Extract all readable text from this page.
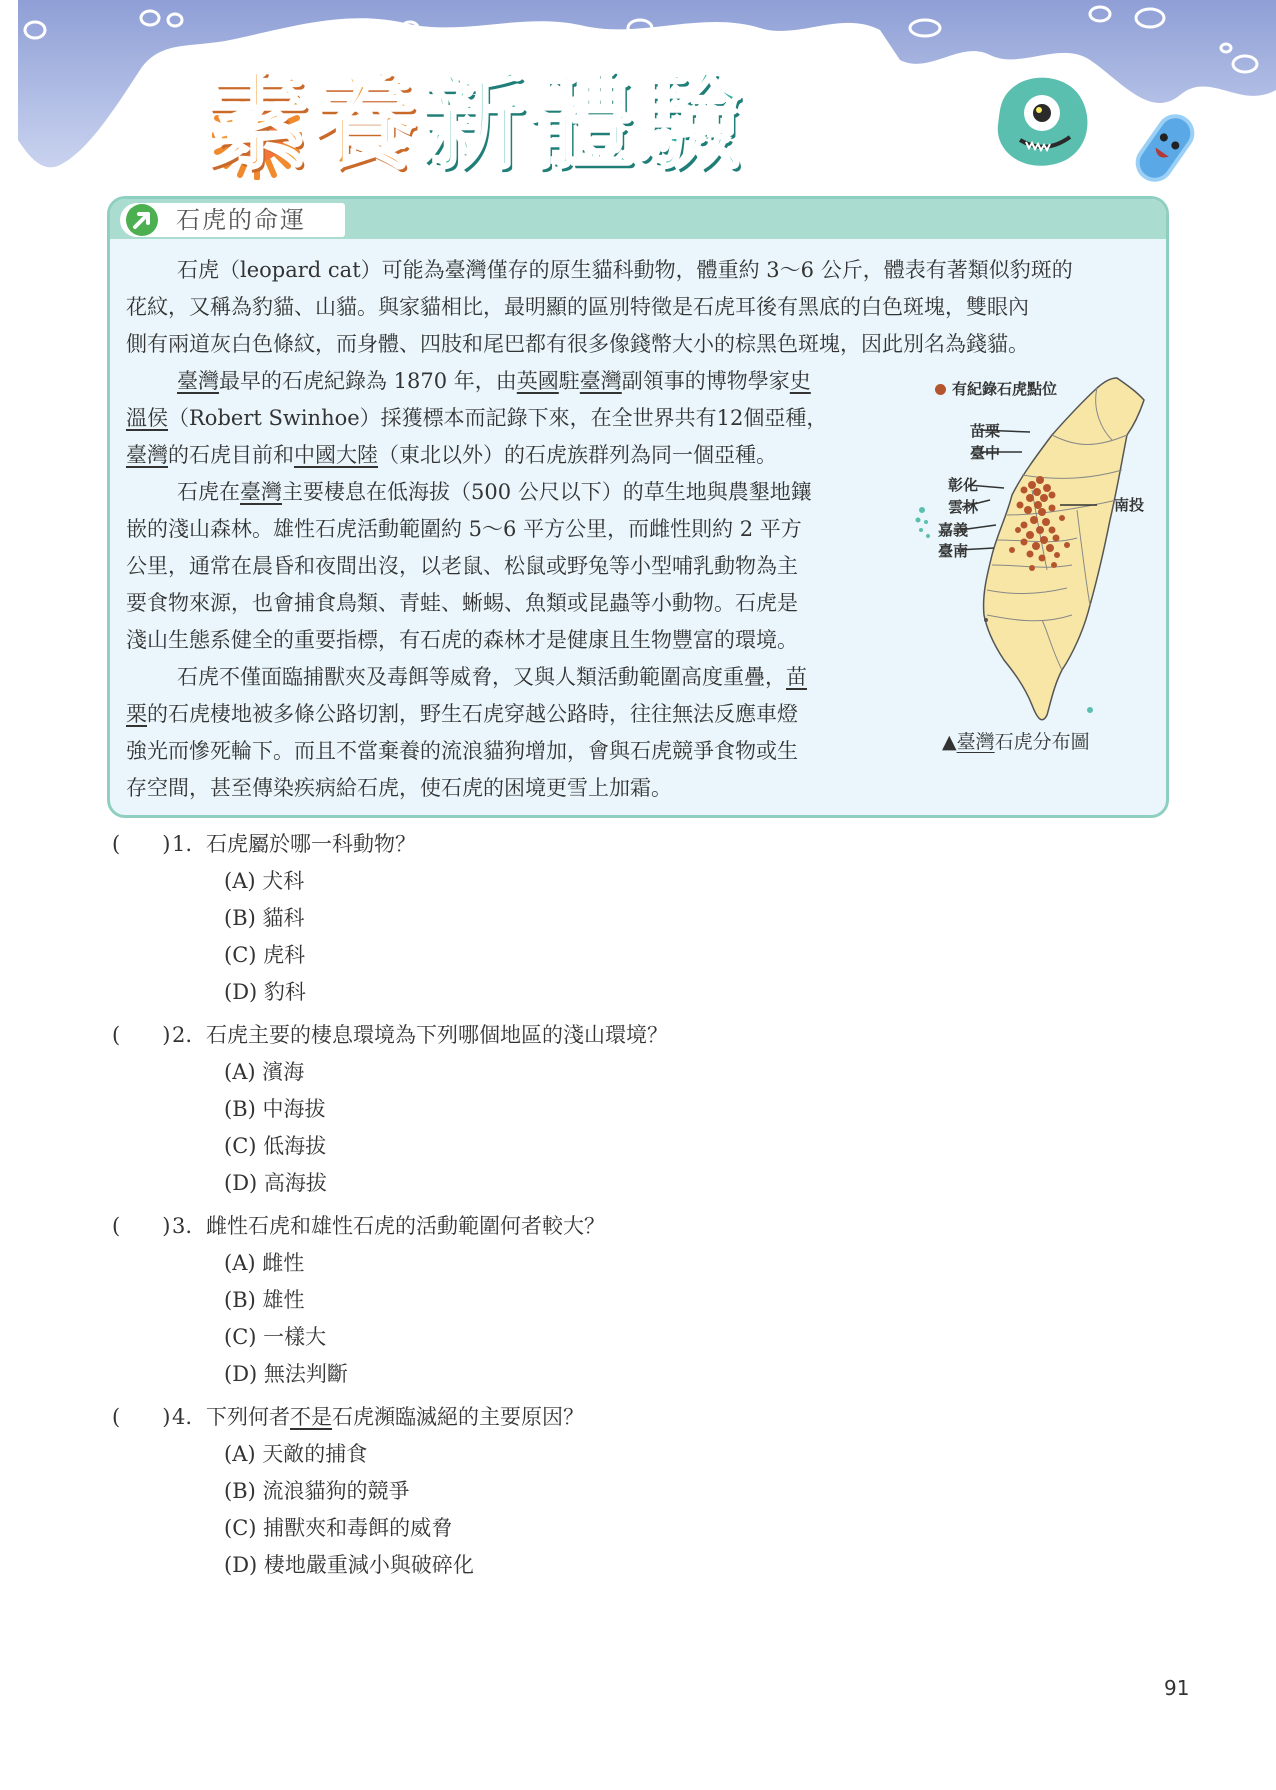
素養新體驗
石虎的命運

石虎（leopard cat）可能為臺灣僅存的原生貓科動物，體重約 3～6 公斤，體表有著類似豹斑的

花紋，又稱為豹貓、山貓。與家貓相比，最明顯的區別特徵是石虎耳後有黑底的白色斑塊，雙眼內

側有兩道灰白色條紋，而身體、四肢和尾巴都有很多像錢幣大小的棕黑色斑塊，因此別名為錢貓。

臺灣最早的石虎紀錄為 1870 年，由英國駐臺灣副領事的博物學家史

溫侯（Robert Swinhoe）採獲標本而記錄下來，在全世界共有12個亞種，

臺灣的石虎目前和中國大陸（東北以外）的石虎族群列為同一個亞種。

石虎在臺灣主要棲息在低海拔（500 公尺以下）的草生地與農墾地鑲

嵌的淺山森林。雄性石虎活動範圍約 5～6 平方公里，而雌性則約 2 平方

公里，通常在晨昏和夜間出沒，以老鼠、松鼠或野兔等小型哺乳動物為主

要食物來源，也會捕食鳥類、青蛙、蜥蜴、魚類或昆蟲等小動物。石虎是

淺山生態系健全的重要指標，有石虎的森林才是健康且生物豐富的環境。

石虎不僅面臨捕獸夾及毒餌等威脅，又與人類活動範圍高度重疊，苗

栗的石虎棲地被多條公路切割，野生石虎穿越公路時，往往無法反應車燈

強光而慘死輪下。而且不當棄養的流浪貓狗增加，會與石虎競爭食物或生

存空間，甚至傳染疾病給石虎，使石虎的困境更雪上加霜。

有紀錄石虎點位
苗栗
臺中
彰化
雲林
嘉義
臺南
南投
▲臺灣石虎分布圖
(　　)1. 石虎屬於哪一科動物？
(A) 犬科
(B) 貓科
(C) 虎科
(D) 豹科
(　　)2. 石虎主要的棲息環境為下列哪個地區的淺山環境？
(A) 濱海
(B) 中海拔
(C) 低海拔
(D) 高海拔
(　　)3. 雌性石虎和雄性石虎的活動範圍何者較大？
(A) 雌性
(B) 雄性
(C) 一樣大
(D) 無法判斷
(　　)4. 下列何者不是石虎瀕臨滅絕的主要原因？
(A) 天敵的捕食
(B) 流浪貓狗的競爭
(C) 捕獸夾和毒餌的威脅
(D) 棲地嚴重減小與破碎化
91
